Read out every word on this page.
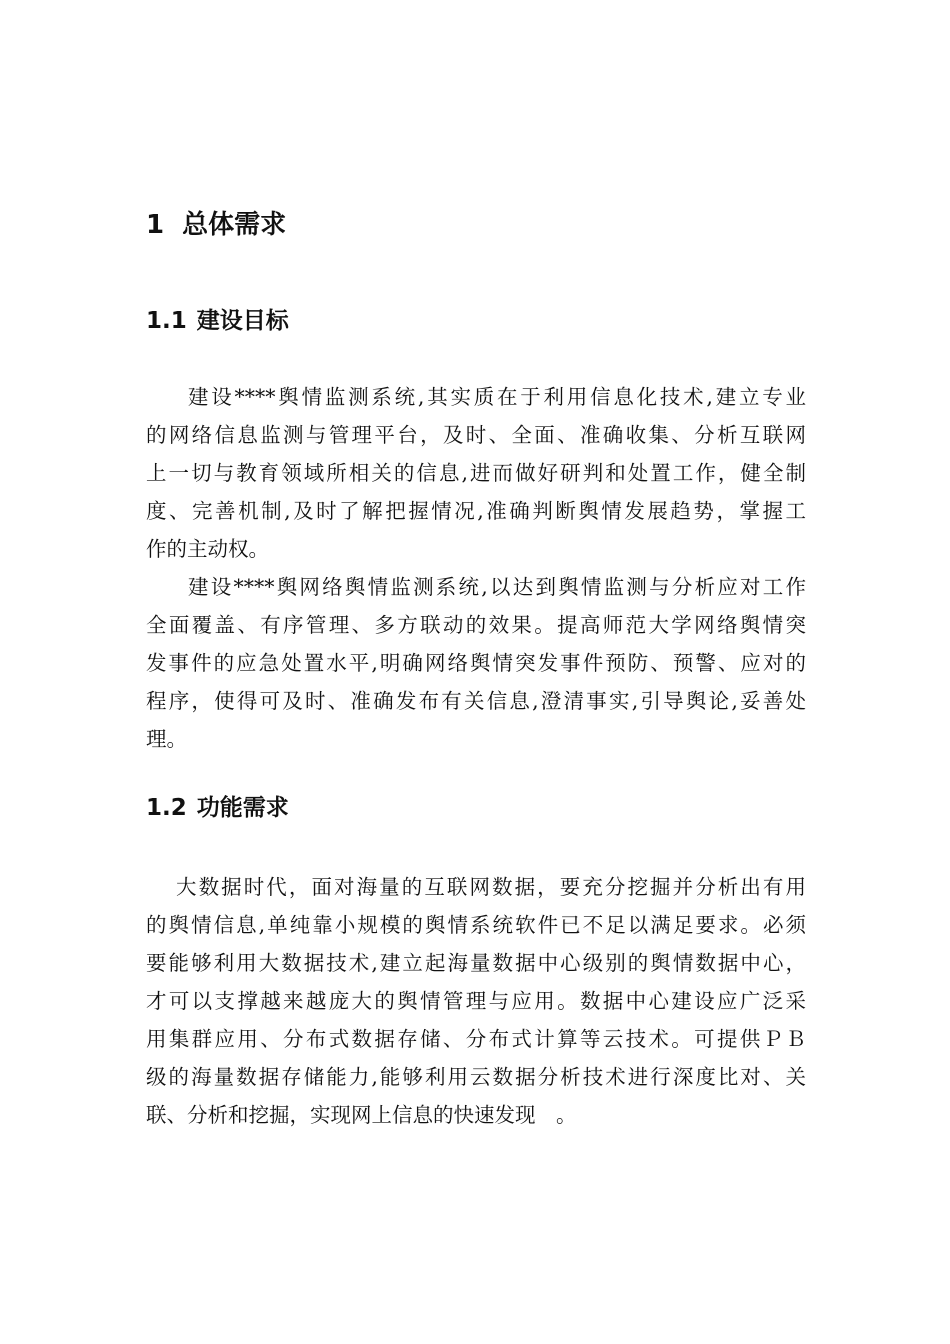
1 总体需求
1.1 建设目标
建设****舆情监测系统,其实质在于利用信息化技术,建立专业
的网络信息监测与管理平台，及时、全面、准确收集、分析互联网
上一切与教育领域所相关的信息,进而做好研判和处置工作，健全制
度、完善机制,及时了解把握情况,准确判断舆情发展趋势，掌握工
作的主动权。
建设****舆网络舆情监测系统,以达到舆情监测与分析应对工作
全面覆盖、有序管理、多方联动的效果。提高师范大学网络舆情突
发事件的应急处置水平,明确网络舆情突发事件预防、预警、应对的
程序，使得可及时、准确发布有关信息,澄清事实,引导舆论,妥善处
理。
1.2 功能需求
大数据时代，面对海量的互联网数据，要充分挖掘并分析出有用
的舆情信息,单纯靠小规模的舆情系统软件已不足以满足要求。必须
要能够利用大数据技术,建立起海量数据中心级别的舆情数据中心，
才可以支撑越来越庞大的舆情管理与应用。数据中心建设应广泛采
用集群应用、分布式数据存储、分布式计算等云技术。可提供ＰＢ
级的海量数据存储能力,能够利用云数据分析技术进行深度比对、关
联、分析和挖掘，实现网上信息的快速发现　。
